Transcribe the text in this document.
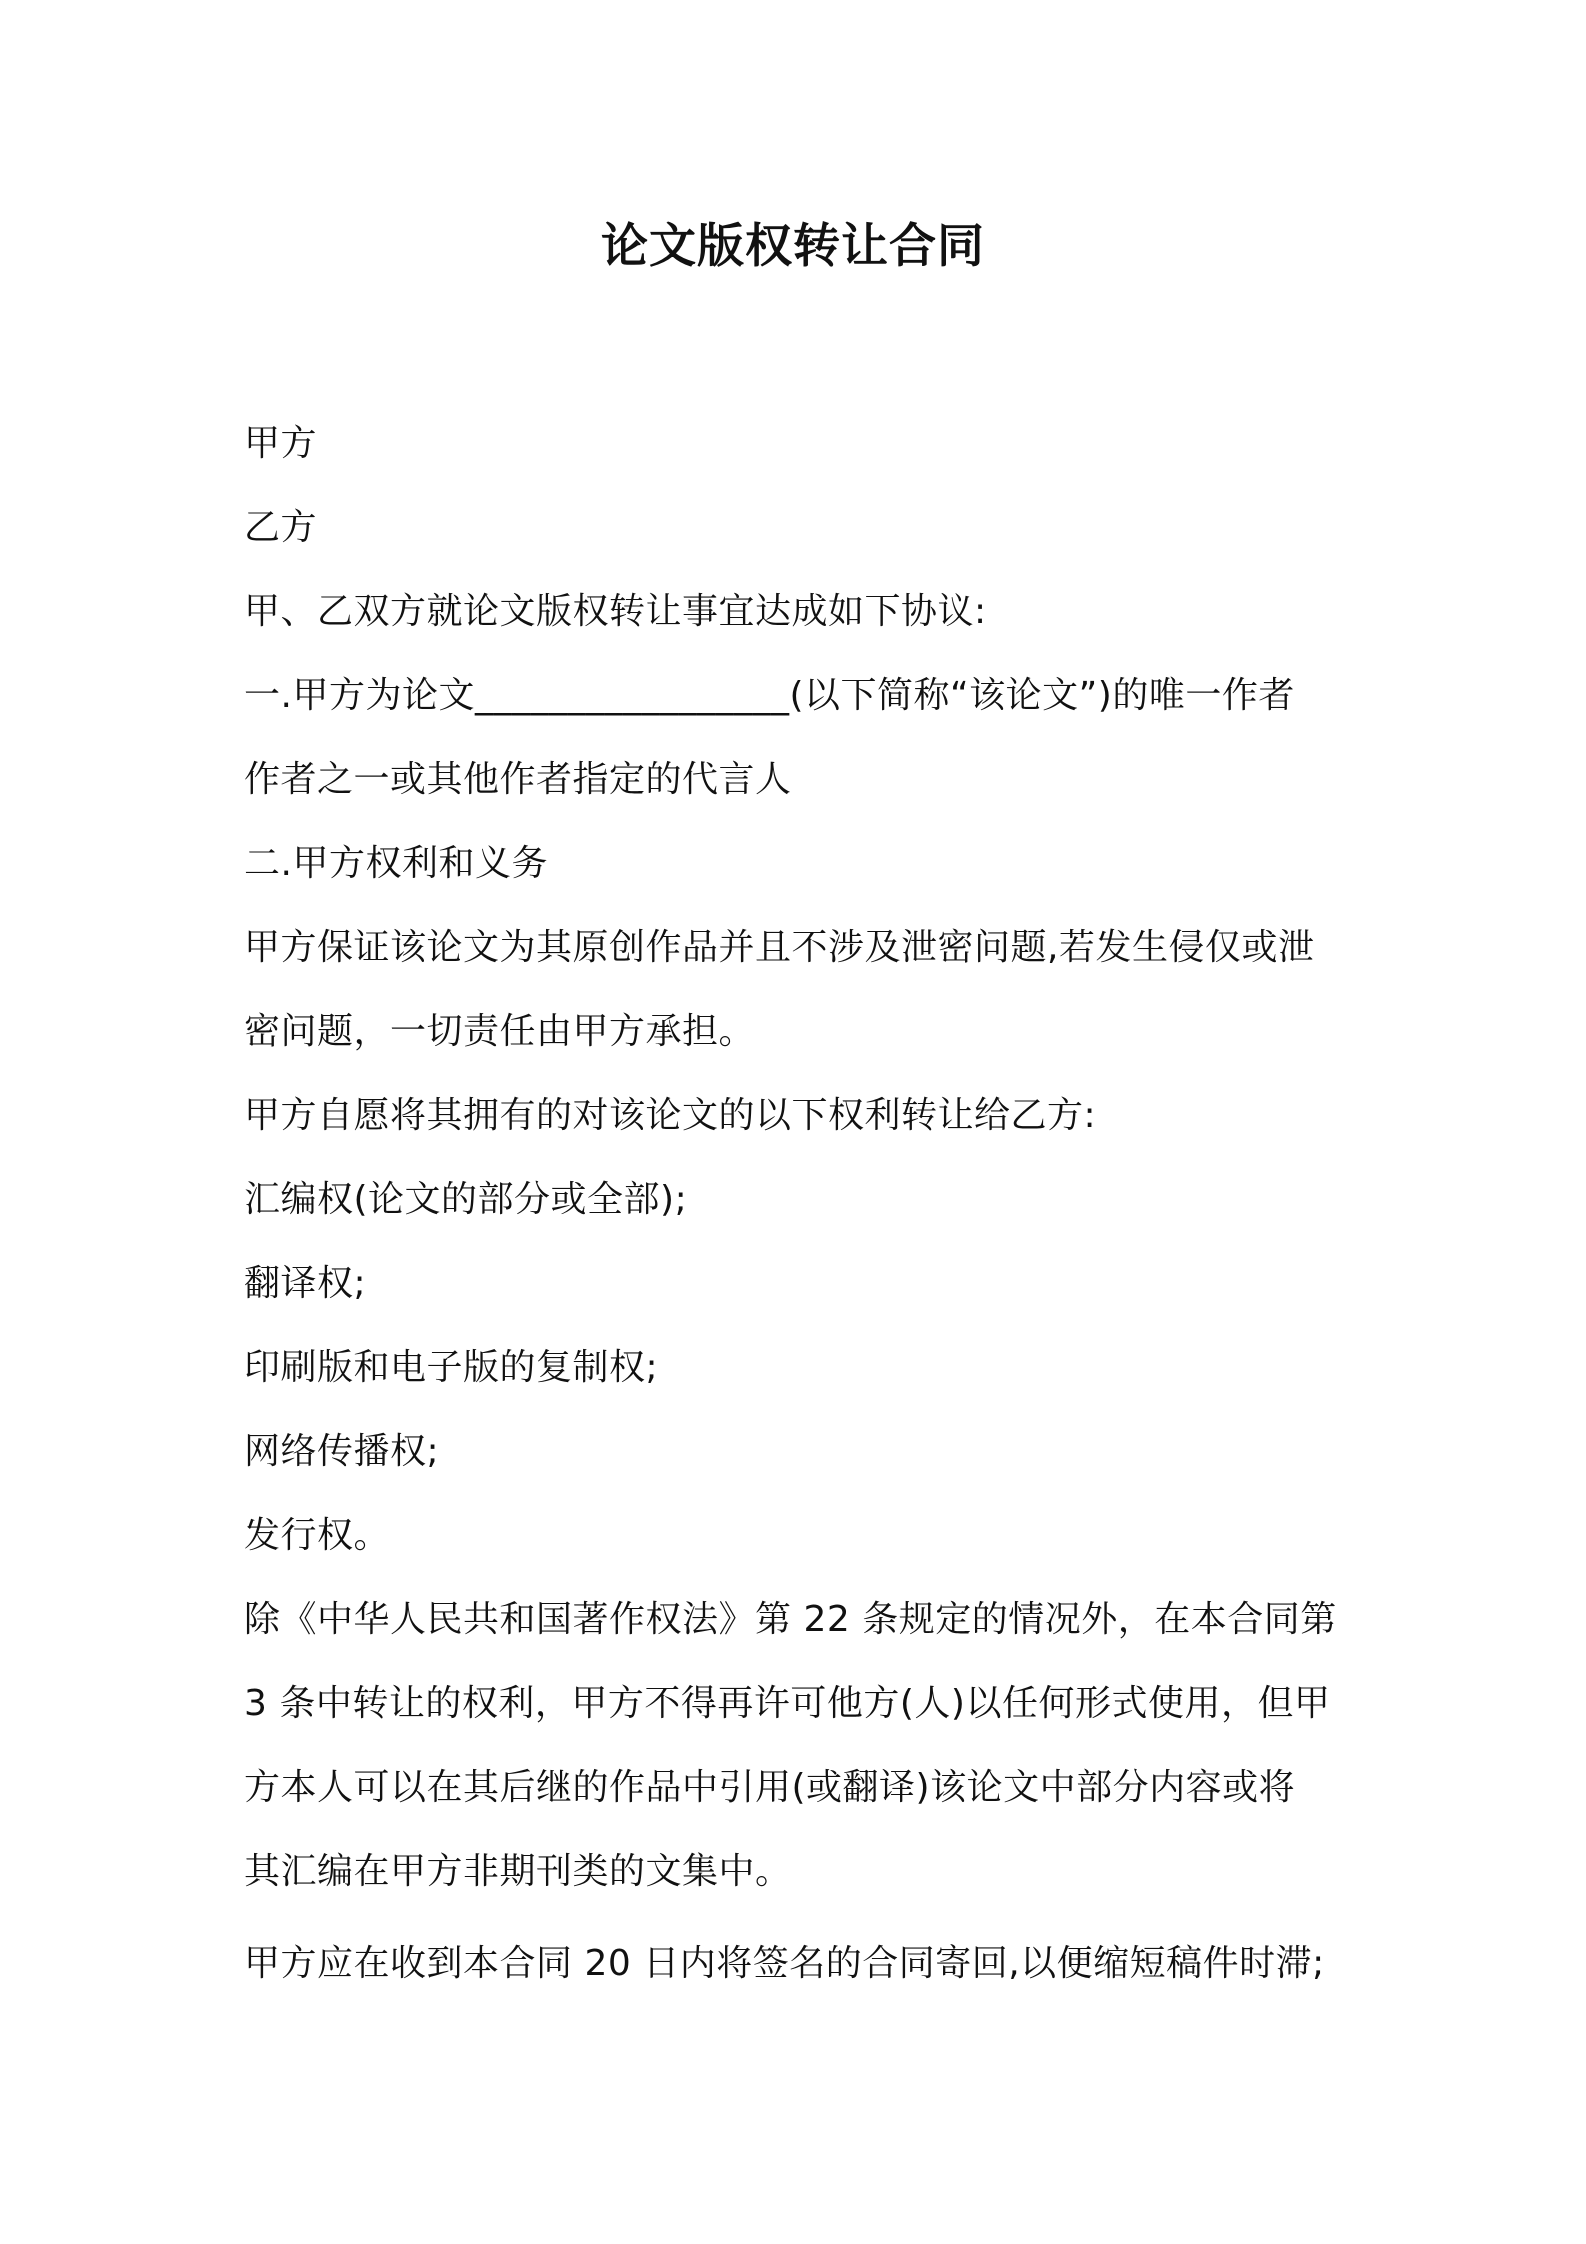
论文版权转让合同
甲方
乙方
甲、乙双方就论文版权转让事宜达成如下协议:
一.甲方为论文_________________(以下简称“该论文”)的唯一作者
作者之一或其他作者指定的代言人
二.甲方权利和义务
甲方保证该论文为其原创作品并且不涉及泄密问题,若发生侵仅或泄
密问题，一切责任由甲方承担。
甲方自愿将其拥有的对该论文的以下权利转让给乙方:
汇编权(论文的部分或全部);
翻译权;
印刷版和电子版的复制权;
网络传播权;
发行权。
除《中华人民共和国著作权法》第 22 条规定的情况外，在本合同第
3 条中转让的权利，甲方不得再许可他方(人)以任何形式使用，但甲
方本人可以在其后继的作品中引用(或翻译)该论文中部分内容或将
其汇编在甲方非期刊类的文集中。
甲方应在收到本合同 20 日内将签名的合同寄回,以便缩短稿件时滞;
